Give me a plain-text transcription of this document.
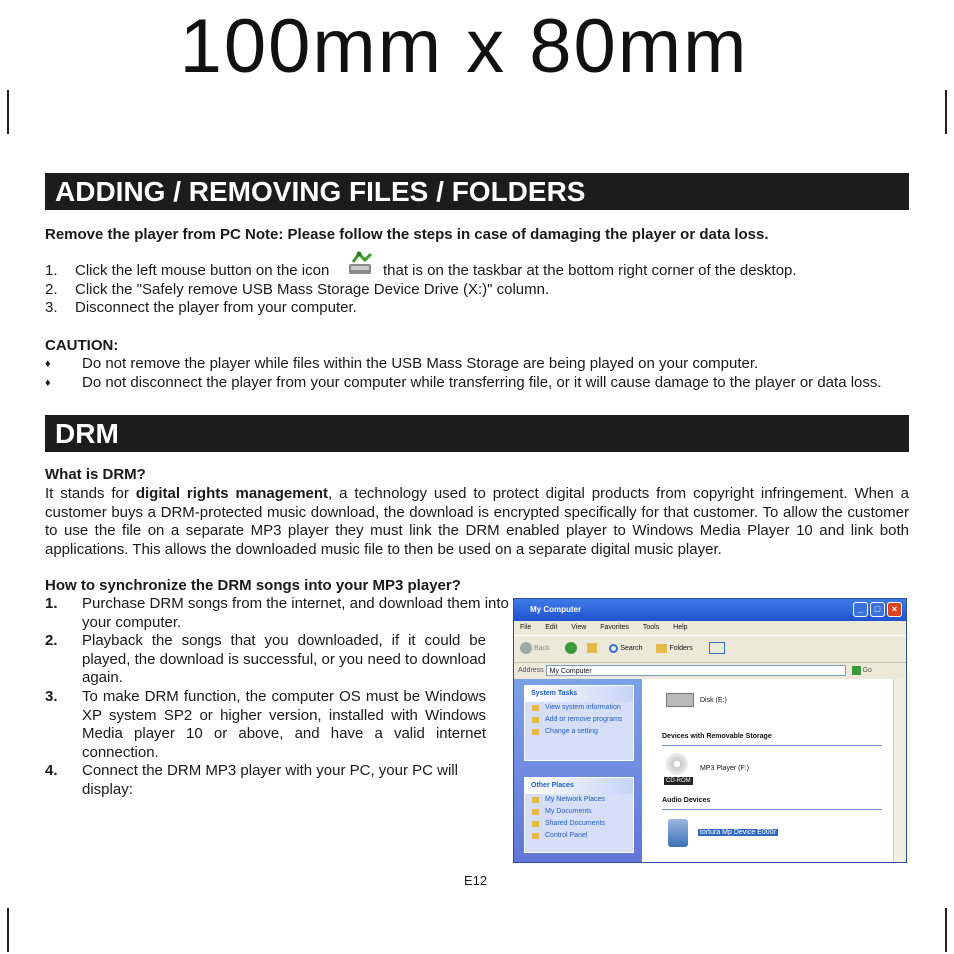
100mm x 80mm
ADDING / REMOVING FILES / FOLDERS
Remove the player from PC Note: Please follow the steps in case of damaging the player or data loss.
1. Click the left mouse button on the icon	that is on the taskbar at the bottom right corner of the desktop.
2. Click the "Safely remove USB Mass Storage Device Drive (X:)" column.
3. Disconnect the player from your computer.
CAUTION:
♦ Do not remove the player while files within the USB Mass Storage are being played on your computer.
♦ Do not disconnect the player from your computer while transferring file, or it will cause damage to the player or data loss.
DRM
What is DRM?
It stands for digital rights management, a technology used to protect digital products from copyright infringement. When a customer buys a DRM-protected music download, the download is encrypted specifically for that customer. To allow the customer to use the file on a separate MP3 player they must link the DRM enabled player to Windows Media Player 10 and link both applications. This allows the downloaded music file to then be used on a separate digital music player.
How to synchronize the DRM songs into your MP3 player?
1. Purchase DRM songs from the internet, and download them into your computer.
2. Playback the songs that you downloaded, if it could be played, the download is successful, or you need to download again.
3. To make DRM function, the computer OS must be Windows XP system SP2 or higher version, installed with Windows Media player 10 or above, and have a valid internet connection.
4. Connect the DRM MP3 player with your PC, your PC will display:
My Computer	_	□	×
File Edit View Favorites Tools Help
Back	Search	Folders
Address My Computer	Go
System Tasks
View system information
Add or remove programs
Change a setting
Other Places
My Network Places
My Documents
Shared Documents
Control Panel
Disk (E:)
Devices with Removable Storage
CD-ROM
MP3 Player (F:)
Audio Devices
tortura Mp Device E000r
E12
